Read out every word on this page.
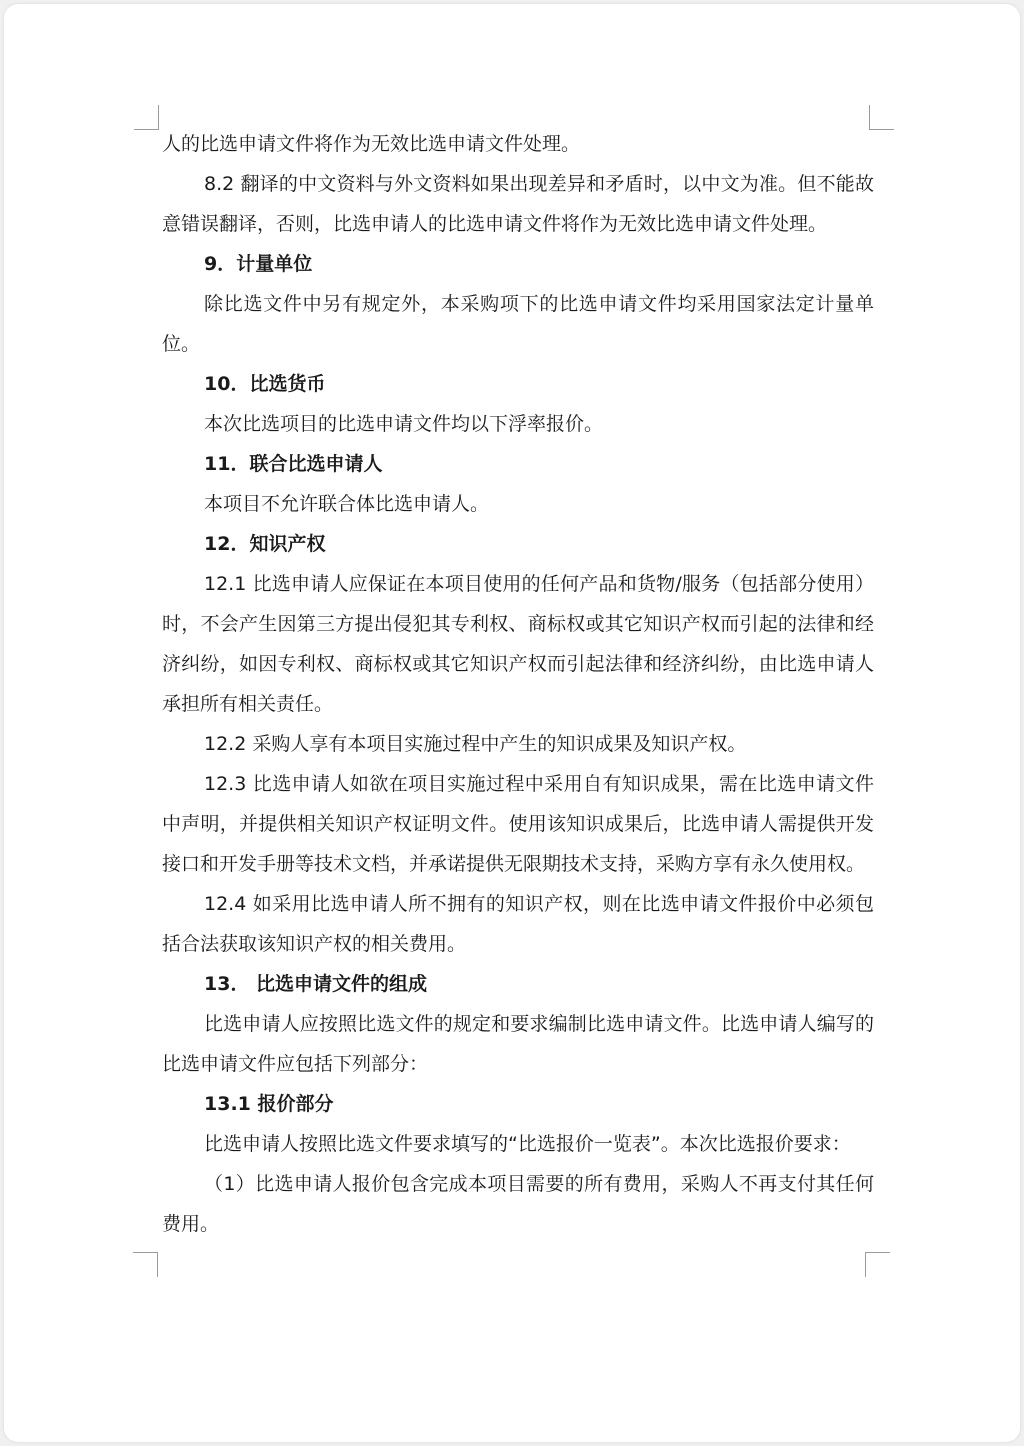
人的比选申请文件将作为无效比选申请文件处理。

8.2 翻译的中文资料与外文资料如果出现差异和矛盾时，以中文为准。但不能故意错误翻译，否则，比选申请人的比选申请文件将作为无效比选申请文件处理。

9．计量单位

除比选文件中另有规定外，本采购项下的比选申请文件均采用国家法定计量单位。

10．比选货币

本次比选项目的比选申请文件均以下浮率报价。

11．联合比选申请人

本项目不允许联合体比选申请人。

12．知识产权

12.1 比选申请人应保证在本项目使用的任何产品和货物/服务（包括部分使用）时，不会产生因第三方提出侵犯其专利权、商标权或其它知识产权而引起的法律和经济纠纷，如因专利权、商标权或其它知识产权而引起法律和经济纠纷，由比选申请人承担所有相关责任。

12.2 采购人享有本项目实施过程中产生的知识成果及知识产权。

12.3 比选申请人如欲在项目实施过程中采用自有知识成果，需在比选申请文件中声明，并提供相关知识产权证明文件。使用该知识成果后，比选申请人需提供开发接口和开发手册等技术文档，并承诺提供无限期技术支持，采购方享有永久使用权。

12.4 如采用比选申请人所不拥有的知识产权，则在比选申请文件报价中必须包括合法获取该知识产权的相关费用。

13． 比选申请文件的组成

比选申请人应按照比选文件的规定和要求编制比选申请文件。比选申请人编写的比选申请文件应包括下列部分：

13.1 报价部分

比选申请人按照比选文件要求填写的“比选报价一览表”。本次比选报价要求：

（1）比选申请人报价包含完成本项目需要的所有费用，采购人不再支付其任何费用。
